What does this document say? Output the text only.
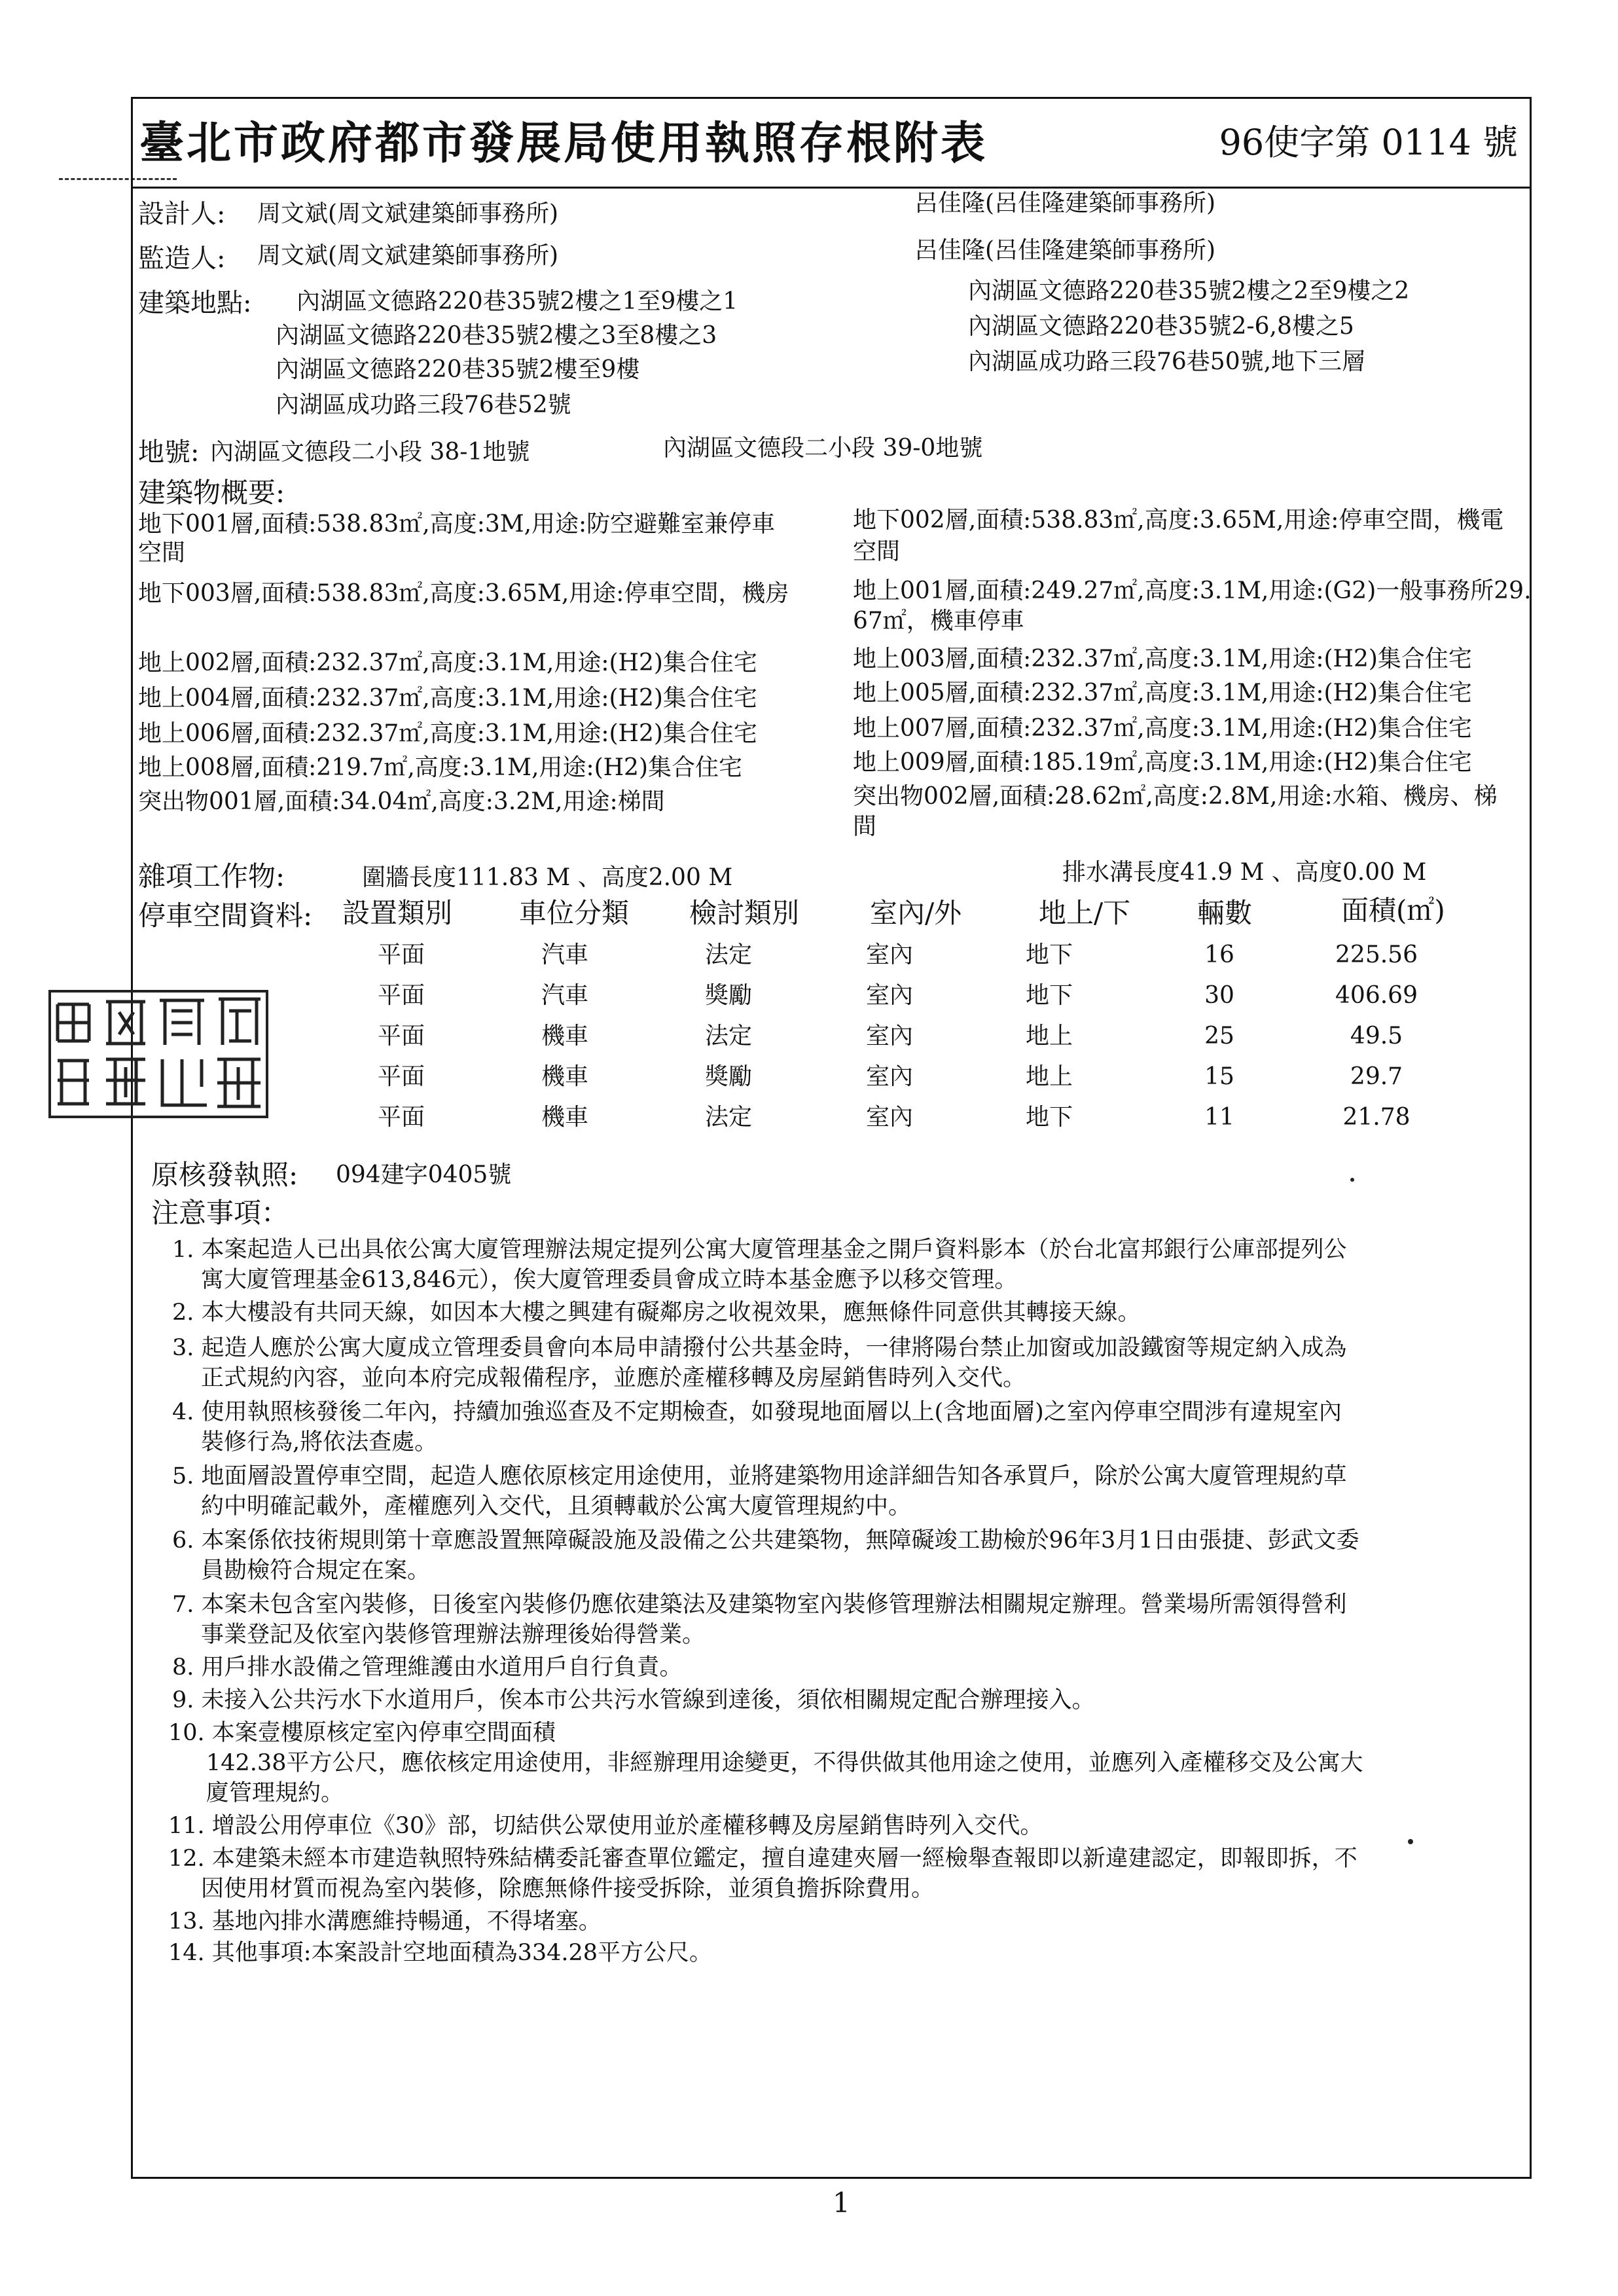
臺北市政府都市發展局使用執照存根附表	96使字第 0114 號
設計人: 周文斌(周文斌建築師事務所)	呂佳隆(呂佳隆建築師事務所)
監造人: 周文斌(周文斌建築師事務所)	呂佳隆(呂佳隆建築師事務所)
建築地點: 內湖區文德路220巷35號2樓之1至9樓之1
內湖區文德路220巷35號2樓之3至8樓之3
內湖區文德路220巷35號2樓至9樓
內湖區成功路三段76巷52號
內湖區文德路220巷35號2樓之2至9樓之2
內湖區文德路220巷35號2-6,8樓之5
內湖區成功路三段76巷50號,地下三層
地號: 內湖區文德段二小段 38-1地號	內湖區文德段二小段 39-0地號
建築物概要:
地下001層,面積:538.83㎡,高度:3M,用途:防空避難室兼停車
空間
地下003層,面積:538.83㎡,高度:3.65M,用途:停車空間，機房
地上002層,面積:232.37㎡,高度:3.1M,用途:(H2)集合住宅
地上004層,面積:232.37㎡,高度:3.1M,用途:(H2)集合住宅
地上006層,面積:232.37㎡,高度:3.1M,用途:(H2)集合住宅
地上008層,面積:219.7㎡,高度:3.1M,用途:(H2)集合住宅
突出物001層,面積:34.04㎡,高度:3.2M,用途:梯間
地下002層,面積:538.83㎡,高度:3.65M,用途:停車空間，機電
空間
地上001層,面積:249.27㎡,高度:3.1M,用途:(G2)一般事務所29.
67㎡，機車停車
地上003層,面積:232.37㎡,高度:3.1M,用途:(H2)集合住宅
地上005層,面積:232.37㎡,高度:3.1M,用途:(H2)集合住宅
地上007層,面積:232.37㎡,高度:3.1M,用途:(H2)集合住宅
地上009層,面積:185.19㎡,高度:3.1M,用途:(H2)集合住宅
突出物002層,面積:28.62㎡,高度:2.8M,用途:水箱、機房、梯
間
雜項工作物:	圍牆長度111.83 M 、高度2.00 M	排水溝長度41.9 M 、高度0.00 M
停車空間資料: 設置類別 車位分類 檢討類別	室內/外	地上/下 輛數	面積(㎡)
平面	汽車	法定	室內	地下	16	225.56
平面	汽車	獎勵	室內	地下	30	406.69
平面	機車	法定	室內	地上	25	49.5
平面	機車	獎勵	室內	地上	15	29.7
平面	機車	法定	室內	地下	11	21.78
原核發執照: 094建字0405號
注意事項：
1. 本案起造人已出具依公寓大廈管理辦法規定提列公寓大廈管理基金之開戶資料影本（於台北富邦銀行公庫部提列公
寓大廈管理基金613,846元），俟大廈管理委員會成立時本基金應予以移交管理。
2. 本大樓設有共同天線，如因本大樓之興建有礙鄰房之收視效果，應無條件同意供其轉接天線。
3. 起造人應於公寓大廈成立管理委員會向本局申請撥付公共基金時，一律將陽台禁止加窗或加設鐵窗等規定納入成為
正式規約內容，並向本府完成報備程序，並應於產權移轉及房屋銷售時列入交代。
4. 使用執照核發後二年內，持續加強巡查及不定期檢查，如發現地面層以上(含地面層)之室內停車空間涉有違規室內
裝修行為,將依法查處。
5. 地面層設置停車空間，起造人應依原核定用途使用，並將建築物用途詳細告知各承買戶，除於公寓大廈管理規約草
約中明確記載外，產權應列入交代，且須轉載於公寓大廈管理規約中。
6. 本案係依技術規則第十章應設置無障礙設施及設備之公共建築物，無障礙竣工勘檢於96年3月1日由張捷、彭武文委
員勘檢符合規定在案。
7. 本案未包含室內裝修，日後室內裝修仍應依建築法及建築物室內裝修管理辦法相關規定辦理。營業場所需領得營利
事業登記及依室內裝修管理辦法辦理後始得營業。
8. 用戶排水設備之管理維護由水道用戶自行負責。
9. 未接入公共污水下水道用戶，俟本市公共污水管線到達後，須依相關規定配合辦理接入。
10. 本案壹樓原核定室內停車空間面積
142.38平方公尺，應依核定用途使用，非經辦理用途變更，不得供做其他用途之使用，並應列入產權移交及公寓大
廈管理規約。
11. 增設公用停車位《30》部，切結供公眾使用並於產權移轉及房屋銷售時列入交代。
12. 本建築未經本市建造執照特殊結構委託審查單位鑑定，擅自違建夾層一經檢舉查報即以新違建認定，即報即拆，不
因使用材質而視為室內裝修，除應無條件接受拆除，並須負擔拆除費用。
13. 基地內排水溝應維持暢通，不得堵塞。
14. 其他事項:本案設計空地面積為334.28平方公尺。
1
